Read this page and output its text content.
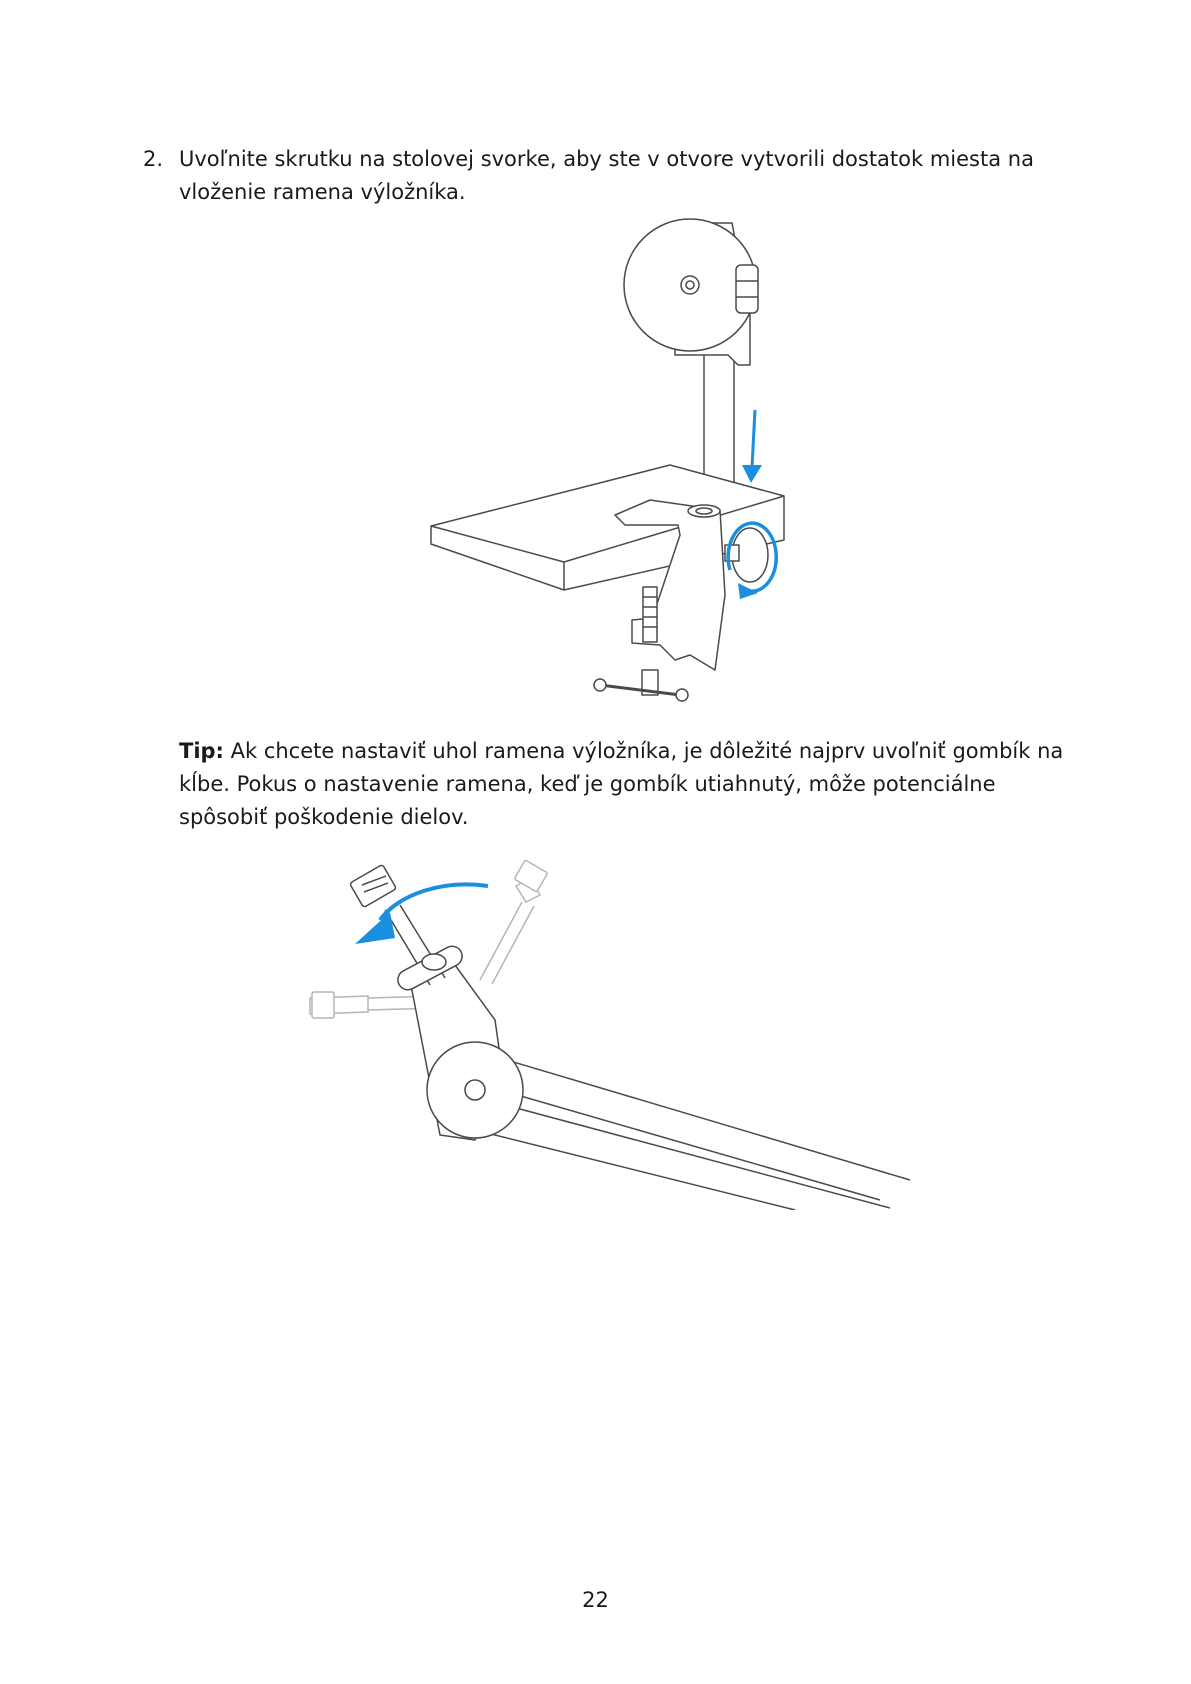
2. Uvoľnite skrutku na stolovej svorke, aby ste v otvore vytvorili dostatok miesta na vloženie ramena výložníka.
Tip: Ak chcete nastaviť uhol ramena výložníka, je dôležité najprv uvoľniť gombík na kĺbe. Pokus o nastavenie ramena, keď je gombík utiahnutý, môže potenciálne spôsobiť poškodenie dielov.
22
